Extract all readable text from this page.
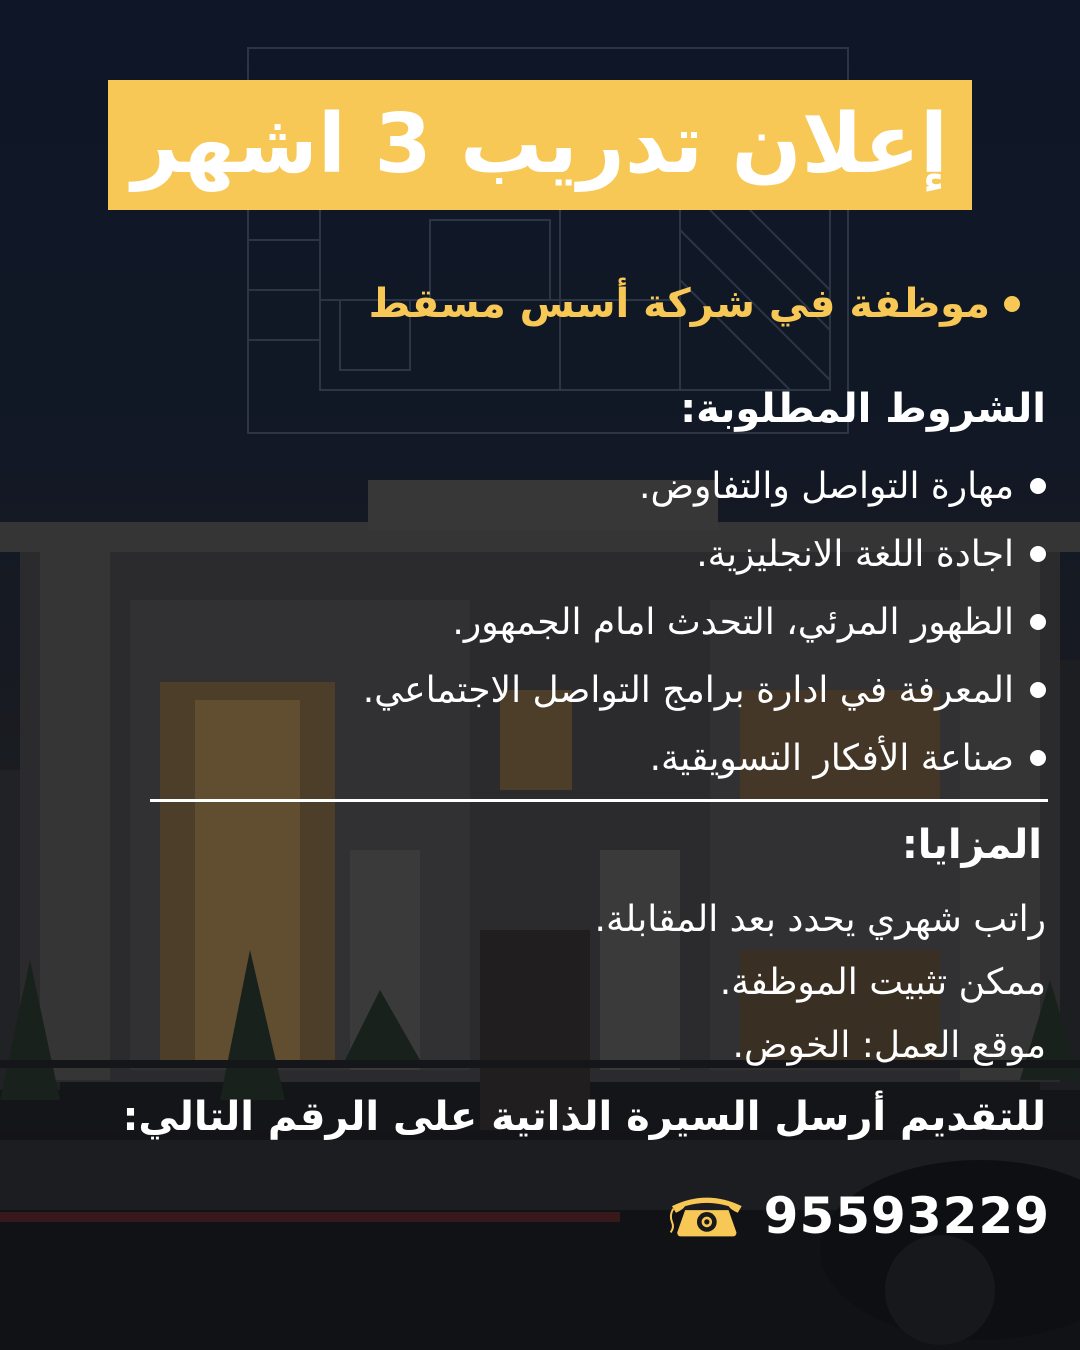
إعلان تدريب 3 اشهر
موظفة في شركة أسس مسقط
الشروط المطلوبة:
مهارة التواصل والتفاوض.
اجادة اللغة الانجليزية.
الظهور المرئي، التحدث امام الجمهور.
المعرفة في ادارة برامج التواصل الاجتماعي.
صناعة الأفكار التسويقية.
المزايا:
راتب شهري يحدد بعد المقابلة.
ممكن تثبيت الموظفة.
موقع العمل: الخوض.
للتقديم أرسل السيرة الذاتية على الرقم التالي:
95593229
